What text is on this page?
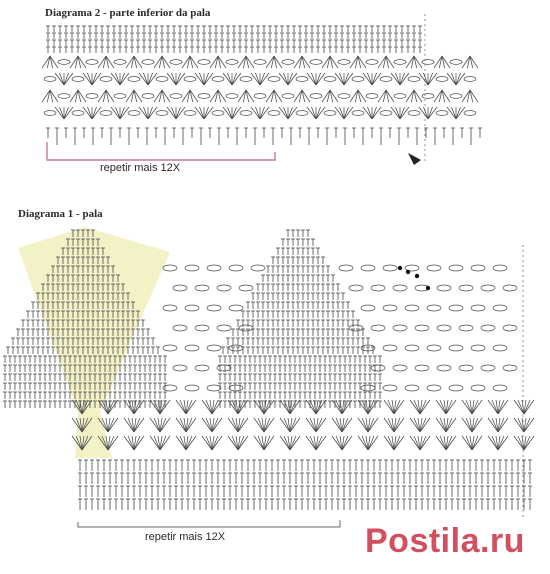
Diagrama 2 - parte inferior da pala
Diagrama 1 - pala
repetir mais 12X
repetir mais 12X	Postila.ru
